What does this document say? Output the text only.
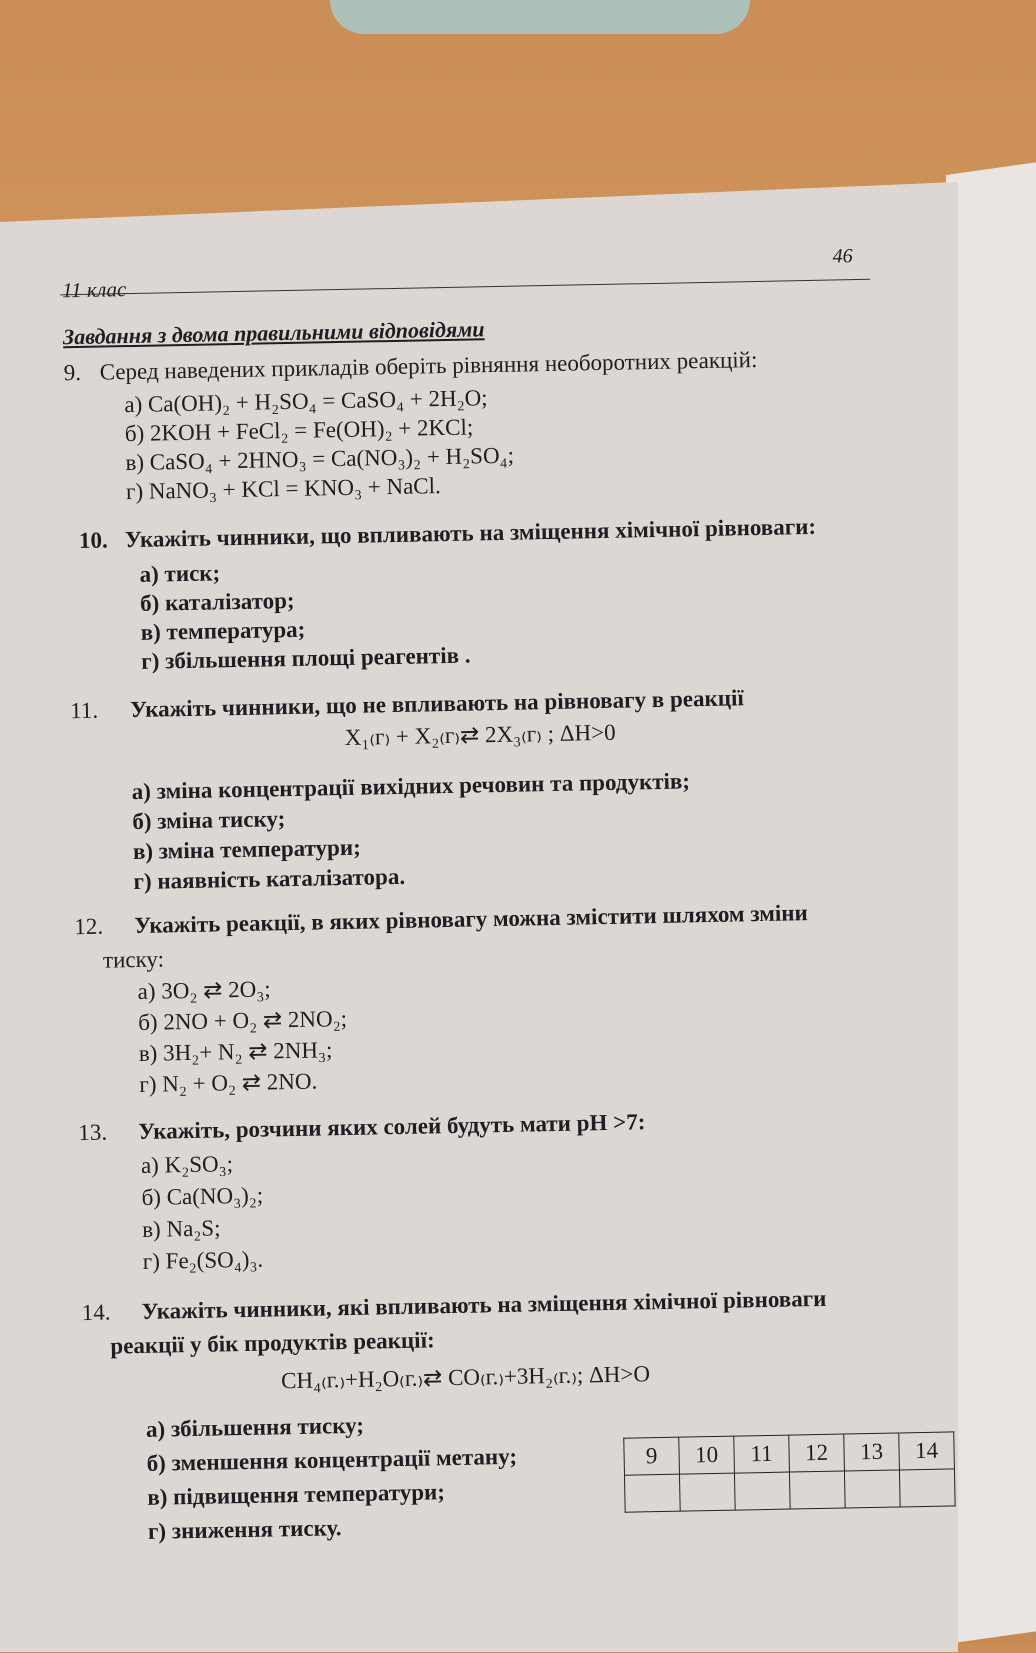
46
11 клас
Завдання з двома правильними відповідями
9. Серед наведених прикладів оберіть рівняння необоротних реакцій:
а) Ca(OH)₂ + H₂SO₄ = CaSO₄ + 2H₂O;
б) 2KOH + FeCl₂ = Fe(OH)₂ + 2KCl;
в) CaSO₄ + 2HNO₃ = Ca(NO₃)₂ + H₂SO₄;
г) NaNO₃ + KCl = KNO₃ + NaCl.
10. Укажіть чинники, що впливають на зміщення хімічної рівноваги:
а) тиск;
б) каталізатор;
в) температура;
г) збільшення площі реагентів .
11. Укажіть чинники, що не впливають на рівновагу в реакції
X₁₍г₎ + X₂₍г₎⇄ 2X₃₍г₎ ; ΔH>0
а) зміна концентрації вихідних речовин та продуктів;
б) зміна тиску;
в) зміна температури;
г) наявність каталізатора.
12. Укажіть реакції, в яких рівновагу можна змістити шляхом зміни
тиску:
а) 3O₂ ⇄ 2O₃;
б) 2NO + O₂ ⇄ 2NO₂;
в) 3H₂+ N₂ ⇄ 2NH₃;
г) N₂ + O₂ ⇄ 2NO.
13. Укажіть, розчини яких солей будуть мати pH >7:
а) K₂SO₃;
б) Ca(NO₃)₂;
в) Na₂S;
г) Fe₂(SO₄)₃.
14. Укажіть чинники, які впливають на зміщення хімічної рівноваги
реакції у бік продуктів реакції:
CH₄₍г.₎+H₂O₍г.₎⇄ CO₍г.₎+3H₂₍г.₎; ΔH>O
а) збільшення тиску;
б) зменшення концентрації метану;
в) підвищення температури;
г) зниження тиску.
9	10	11	12	13	14
